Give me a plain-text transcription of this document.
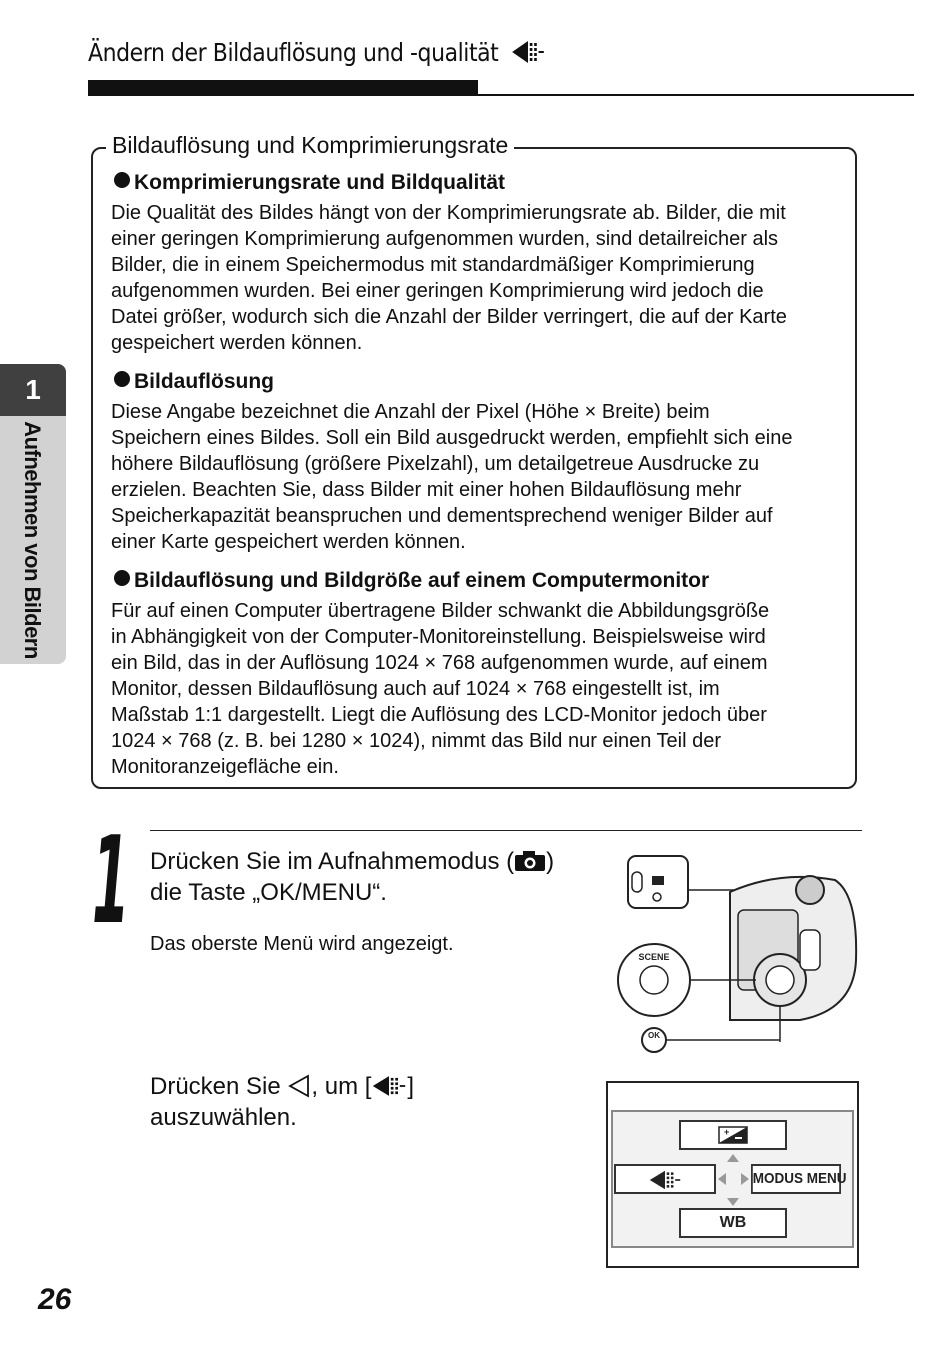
Ändern der Bildauflösung und -qualität
1
Aufnehmen von Bildern
Bildauflösung und Komprimierungsrate
Komprimierungsrate und Bildqualität
Die Qualität des Bildes hängt von der Komprimierungsrate ab. Bilder, die mit
einer geringen Komprimierung aufgenommen wurden, sind detailreicher als
Bilder, die in einem Speichermodus mit standardmäßiger Komprimierung
aufgenommen wurden. Bei einer geringen Komprimierung wird jedoch die
Datei größer, wodurch sich die Anzahl der Bilder verringert, die auf der Karte
gespeichert werden können.
Bildauflösung
Diese Angabe bezeichnet die Anzahl der Pixel (Höhe × Breite) beim
Speichern eines Bildes. Soll ein Bild ausgedruckt werden, empfiehlt sich eine
höhere Bildauflösung (größere Pixelzahl), um detailgetreue Ausdrucke zu
erzielen. Beachten Sie, dass Bilder mit einer hohen Bildauflösung mehr
Speicherkapazität beanspruchen und dementsprechend weniger Bilder auf
einer Karte gespeichert werden können.
Bildauflösung und Bildgröße auf einem Computermonitor
Für auf einen Computer übertragene Bilder schwankt die Abbildungsgröße
in Abhängigkeit von der Computer-Monitoreinstellung. Beispielsweise wird
ein Bild, das in der Auflösung 1024 × 768 aufgenommen wurde, auf einem
Monitor, dessen Bildauflösung auch auf 1024 × 768 eingestellt ist, im
Maßstab 1:1 dargestellt. Liegt die Auflösung des LCD-Monitor jedoch über
1024 × 768 (z. B. bei 1280 × 1024), nimmt das Bild nur einen Teil der
Monitoranzeigefläche ein.
1 Drücken Sie im Aufnahmemodus ( )
die Taste „OK/MENU“.
Das oberste Menü wird angezeigt.
SCENE
OK
Drücken Sie , um [ ]
auszuwählen.
+
MODUS MENU
WB
26
